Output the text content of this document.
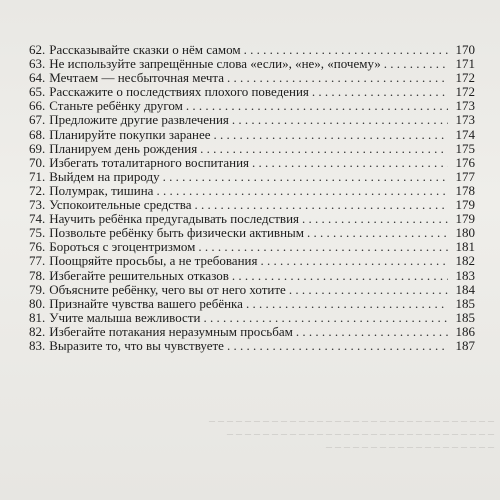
62. Рассказывайте сказки о нём самом . . .	170
63. Не используйте запрещённые слова «если», «не», «почему» . . .	171
64. Мечтаем — несбыточная мечта . . .	172
65. Расскажите о последствиях плохого поведения . . .	172
66. Станьте ребёнку другом . . .	173
67. Предложите другие развлечения . . .	173
68. Планируйте покупки заранее . . .	174
69. Планируем день рождения . . .	175
70. Избегать тоталитарного воспитания . . .	176
71. Выйдем на природу . . .	177
72. Полумрак, тишина . . .	178
73. Успокоительные средства . . .	179
74. Научить ребёнка предугадывать последствия . . .	179
75. Позвольте ребёнку быть физически активным . . .	180
76. Бороться с эгоцентризмом . . .	181
77. Поощряйте просьбы, а не требования . . .	182
78. Избегайте решительных отказов . . .	183
79. Объясните ребёнку, чего вы от него хотите . . .	184
80. Признайте чувства вашего ребёнка . . .	185
81. Учите малыша вежливости . . .	185
82. Избегайте потакания неразумным просьбам . . .	186
83. Выразите то, что вы чувствуете . . .	187
_ _ _ _ _ _ _ _ _ _ _ _ _ _ _ _ _ _ _ _ _ _ _ _ _ _ _ _ _ _ _ _
_ _ _ _ _ _ _ _ _ _ _ _ _ _ _ _ _ _ _ _ _ _ _ _ _ _ _ _ _ _
_ _ _ _ _ _ _ _ _ _ _ _ _ _ _ _ _ _ _
